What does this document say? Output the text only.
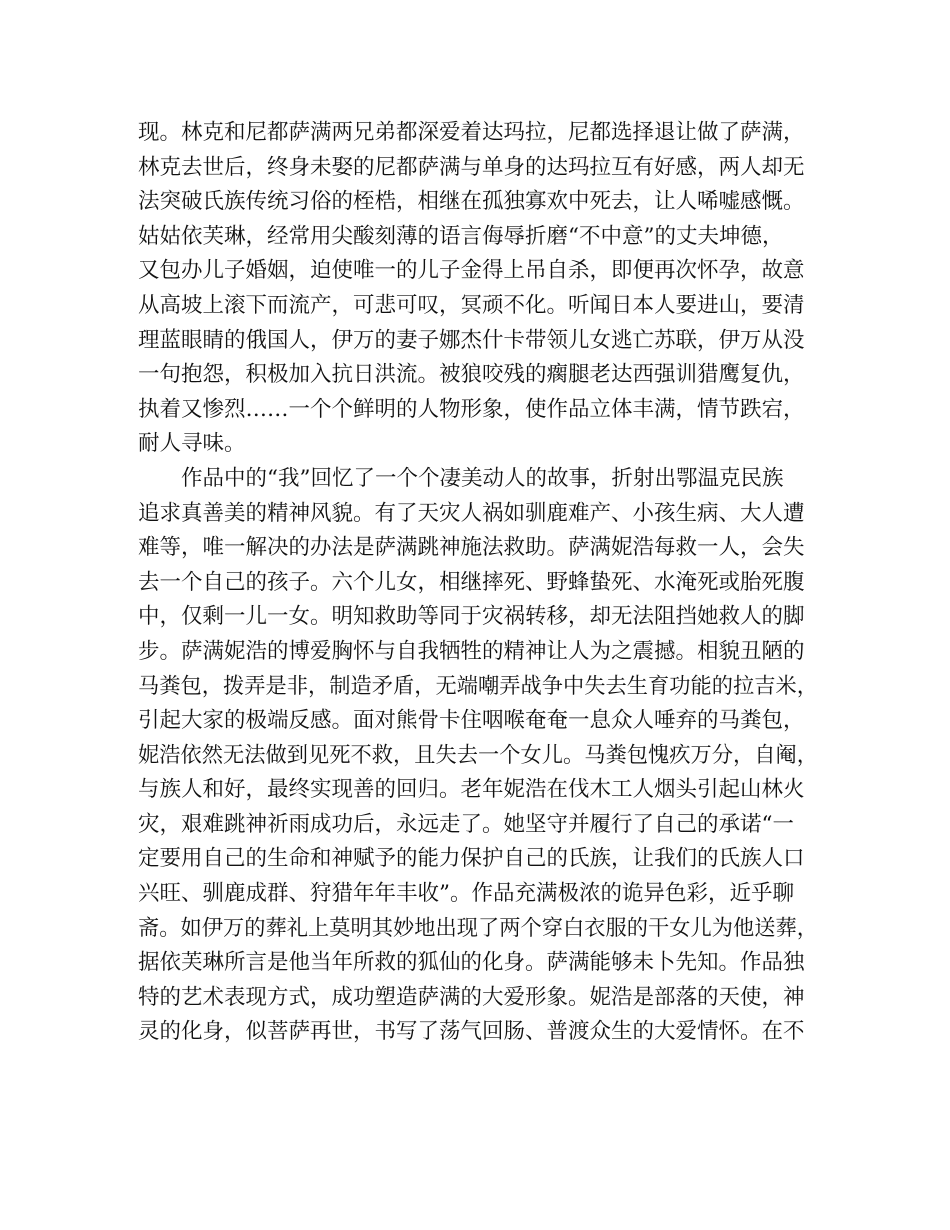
现。林克和尼都萨满两兄弟都深爱着达玛拉，尼都选择退让做了萨满，
林克去世后，终身未娶的尼都萨满与单身的达玛拉互有好感，两人却无
法突破氏族传统习俗的桎梏，相继在孤独寡欢中死去，让人唏嘘感慨。
姑姑依芙琳，经常用尖酸刻薄的语言侮辱折磨“不中意”的丈夫坤德，
又包办儿子婚姻，迫使唯一的儿子金得上吊自杀，即便再次怀孕，故意
从高坡上滚下而流产，可悲可叹，冥顽不化。听闻日本人要进山，要清
理蓝眼睛的俄国人，伊万的妻子娜杰什卡带领儿女逃亡苏联，伊万从没
一句抱怨，积极加入抗日洪流。被狼咬残的瘸腿老达西强训猎鹰复仇，
执着又惨烈……一个个鲜明的人物形象，使作品立体丰满，情节跌宕，
耐人寻味。
作品中的“我”回忆了一个个凄美动人的故事，折射出鄂温克民族
追求真善美的精神风貌。有了天灾人祸如驯鹿难产、小孩生病、大人遭
难等，唯一解决的办法是萨满跳神施法救助。萨满妮浩每救一人，会失
去一个自己的孩子。六个儿女，相继摔死、野蜂蛰死、水淹死或胎死腹
中，仅剩一儿一女。明知救助等同于灾祸转移，却无法阻挡她救人的脚
步。萨满妮浩的博爱胸怀与自我牺牲的精神让人为之震撼。相貌丑陋的
马粪包，拨弄是非，制造矛盾，无端嘲弄战争中失去生育功能的拉吉米，
引起大家的极端反感。面对熊骨卡住咽喉奄奄一息众人唾弃的马粪包，
妮浩依然无法做到见死不救，且失去一个女儿。马粪包愧疚万分，自阉，
与族人和好，最终实现善的回归。老年妮浩在伐木工人烟头引起山林火
灾，艰难跳神祈雨成功后，永远走了。她坚守并履行了自己的承诺“一
定要用自己的生命和神赋予的能力保护自己的氏族，让我们的氏族人口
兴旺、驯鹿成群、狩猎年年丰收”。作品充满极浓的诡异色彩，近乎聊
斋。如伊万的葬礼上莫明其妙地出现了两个穿白衣服的干女儿为他送葬，
据依芙琳所言是他当年所救的狐仙的化身。萨满能够未卜先知。作品独
特的艺术表现方式，成功塑造萨满的大爱形象。妮浩是部落的天使，神
灵的化身，似菩萨再世，书写了荡气回肠、普渡众生的大爱情怀。在不
